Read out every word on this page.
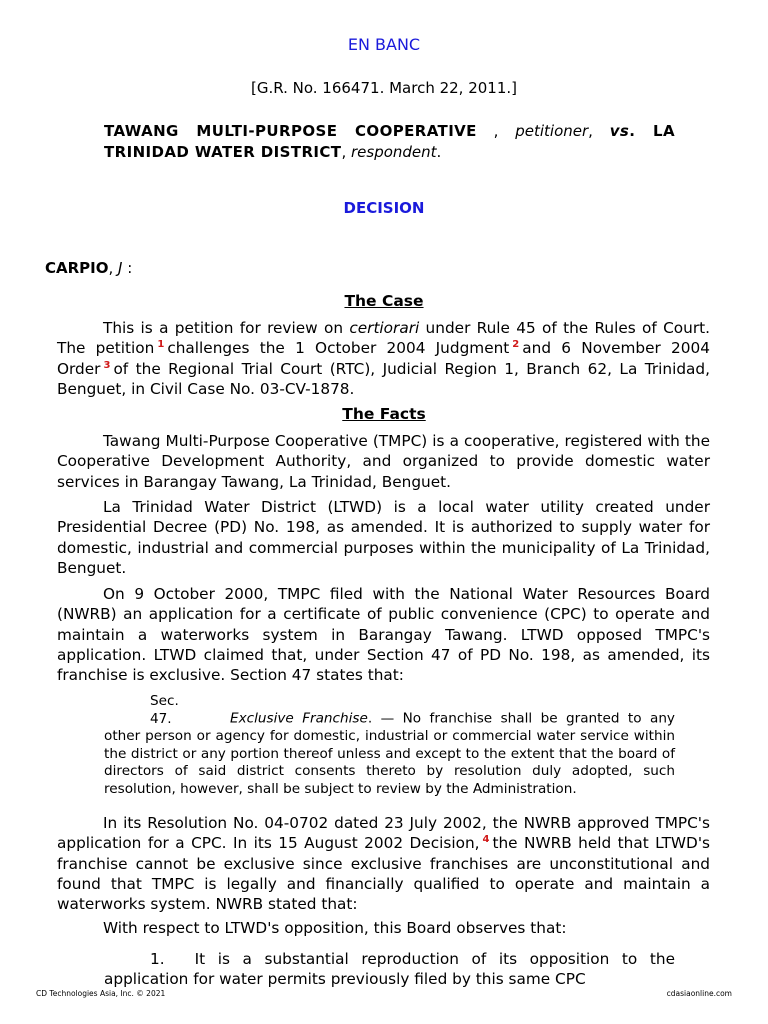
EN BANC
[G.R. No. 166471. March 22, 2011.]
TAWANG MULTI-PURPOSE COOPERATIVE , petitioner, vs. LA TRINIDAD WATER DISTRICT, respondent.
DECISION
CARPIO, J :
The Case

This is a petition for review on certiorari under Rule 45 of the Rules of Court. The petition $^1$ challenges the 1 October 2004 Judgment $^2$ and 6 November 2004 Order $^3$ of the Regional Trial Court (RTC), Judicial Region 1, Branch 62, La Trinidad, Benguet, in Civil Case No. 03-CV-1878.

The Facts

Tawang Multi-Purpose Cooperative (TMPC) is a cooperative, registered with the Cooperative Development Authority, and organized to provide domestic water services in Barangay Tawang, La Trinidad, Benguet.

La Trinidad Water District (LTWD) is a local water utility created under Presidential Decree (PD) No. 198, as amended. It is authorized to supply water for domestic, industrial and commercial purposes within the municipality of La Trinidad, Benguet.

On 9 October 2000, TMPC filed with the National Water Resources Board (NWRB) an application for a certificate of public convenience (CPC) to operate and maintain a waterworks system in Barangay Tawang. LTWD opposed TMPC's application. LTWD claimed that, under Section 47 of PD No. 198, as amended, its franchise is exclusive. Section 47 states that:

Sec. 47.	Exclusive Franchise. — No franchise shall be granted to any other person or agency for domestic, industrial or commercial water service within the district or any portion thereof unless and except to the extent that the board of directors of said district consents thereto by resolution duly adopted, such resolution, however, shall be subject to review by the Administration.

In its Resolution No. 04-0702 dated 23 July 2002, the NWRB approved TMPC's application for a CPC. In its 15 August 2002 Decision, $^4$ the NWRB held that LTWD's franchise cannot be exclusive since exclusive franchises are unconstitutional and found that TMPC is legally and financially qualified to operate and maintain a waterworks system. NWRB stated that:

With respect to LTWD's opposition, this Board observes that:

1. It is a substantial reproduction of its opposition to the application for water permits previously filed by this same CPC

CD Technologies Asia, Inc. © 2021	cdasiaonline.com
